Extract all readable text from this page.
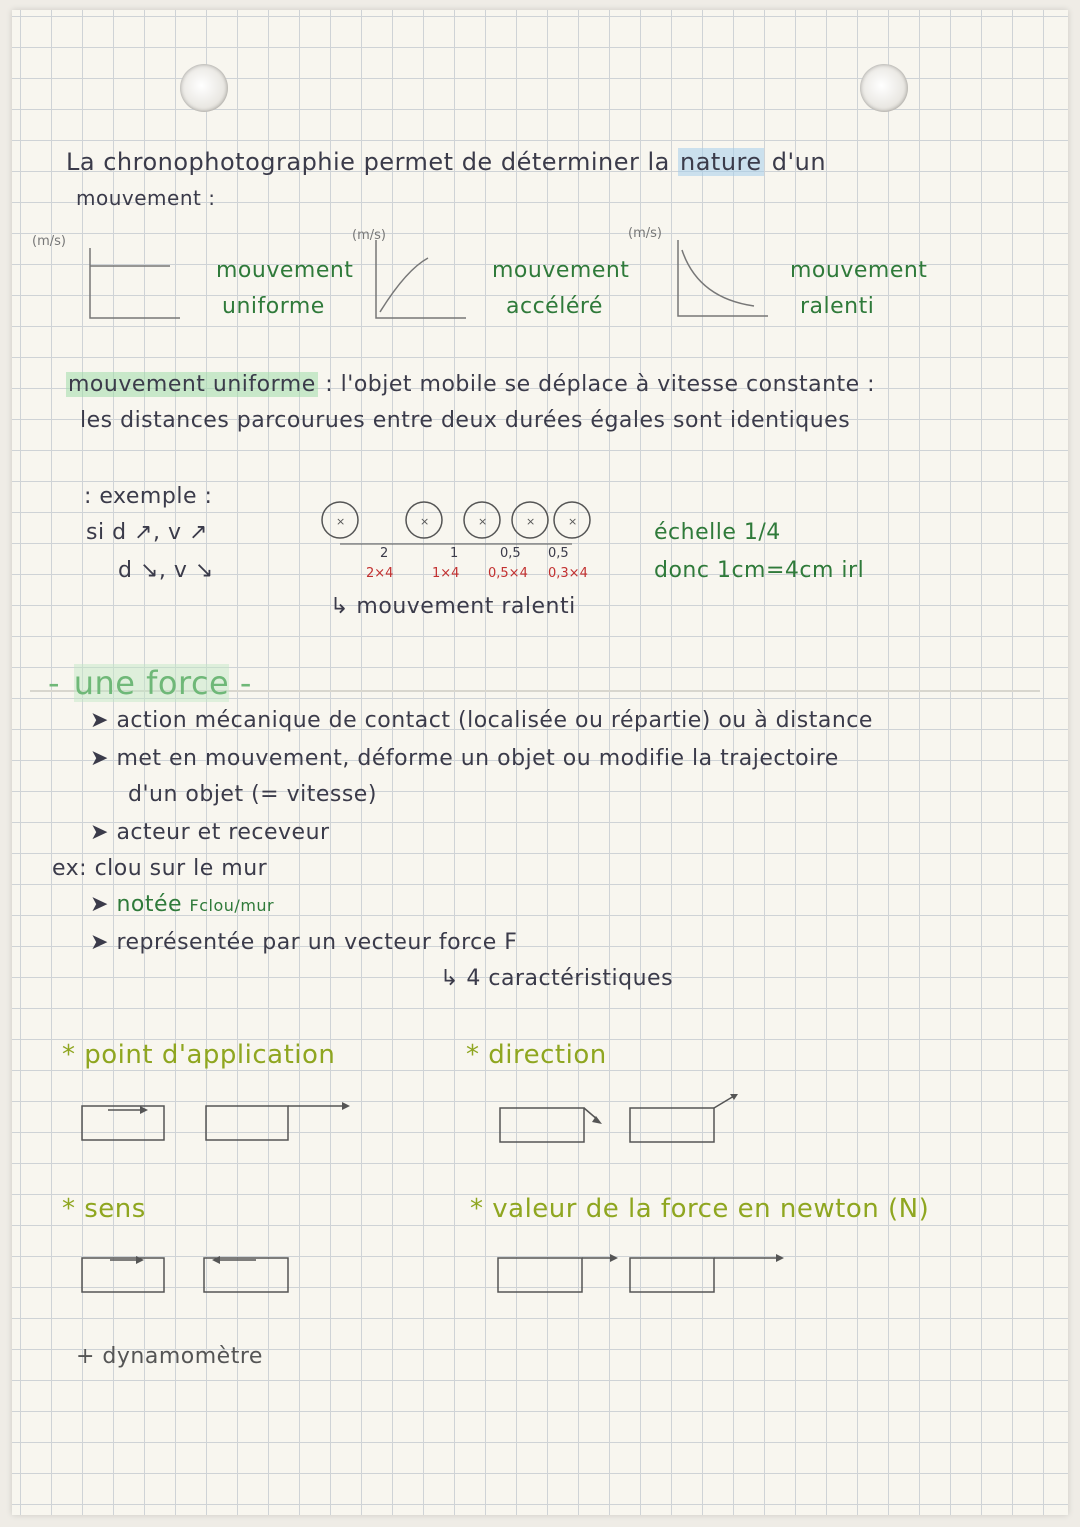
La chronophotographie permet de déterminer la nature d'un
mouvement :
(m/s)
mouvement
uniforme
(m/s)
mouvement
accéléré
(m/s)
mouvement
ralenti
mouvement uniforme : l'objet mobile se déplace à vitesse constante :
les distances parcourues entre deux durées égales sont identiques
: exemple :
si d ↗, v ↗
d ↘, v ↘
×	×	×	×	×
2	1	0,5 0,5
2×4	1×4 0,5×4 0,3×4
↳ mouvement ralenti
échelle 1/4
donc 1cm=4cm irl
- une force -
➤ action mécanique de contact (localisée ou répartie) ou à distance
➤ met en mouvement, déforme un objet ou modifie la trajectoire
d'un objet (= vitesse)
➤ acteur et receveur
ex: clou sur le mur
➤ notée Fclou/mur
➤ représentée par un vecteur force F
↳ 4 caractéristiques
* point d'application	* direction
* sens	* valeur de la force en newton (N)
+ dynamomètre
